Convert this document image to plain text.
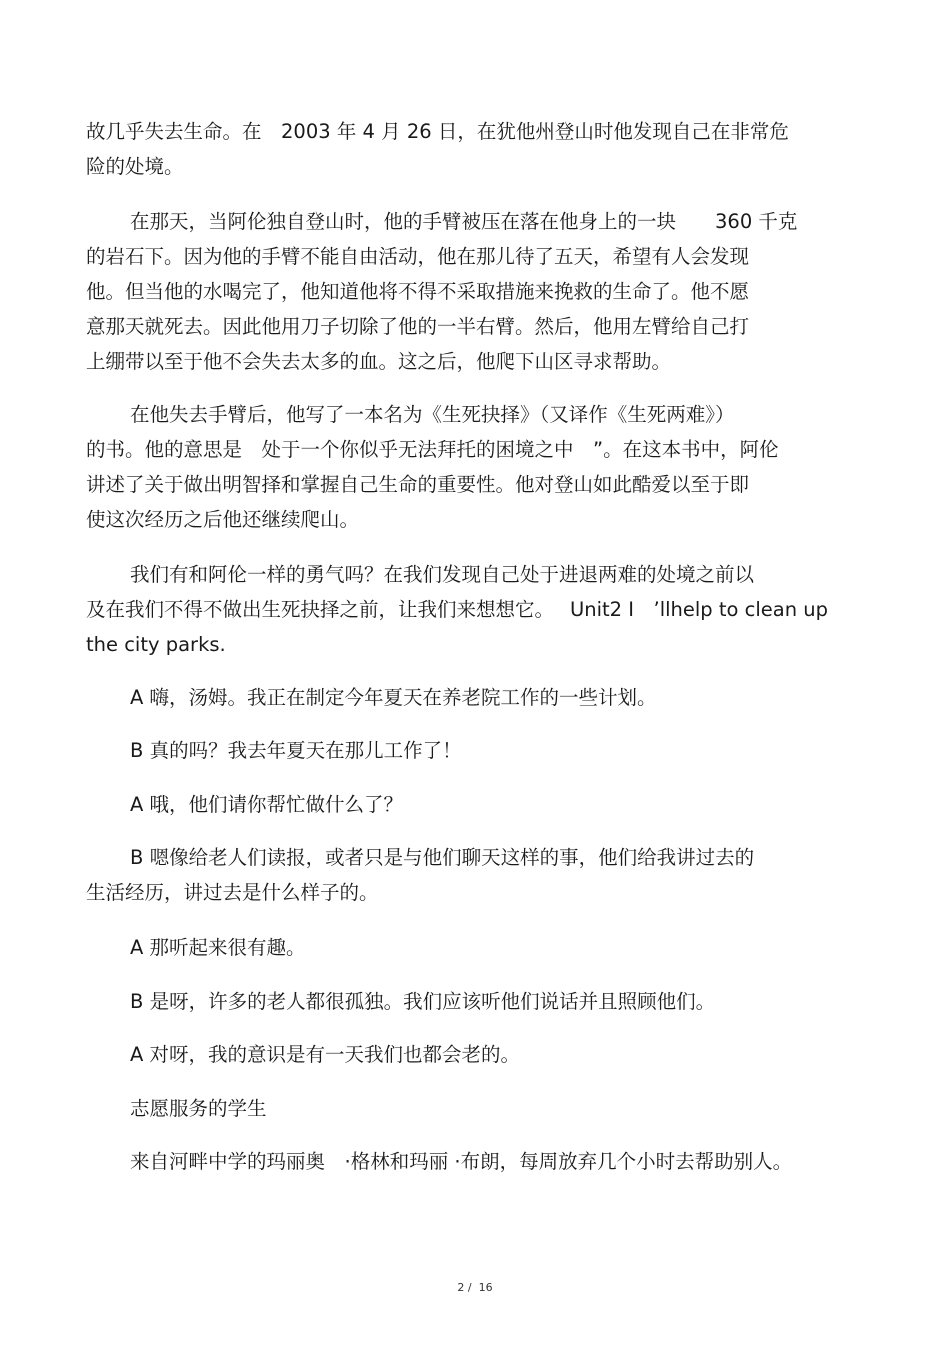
故几乎失去生命。在　2003 年 4 月 26 日，在犹他州登山时他发现自己在非常危
险的处境。
在那天，当阿伦独自登山时，他的手臂被压在落在他身上的一块　　360 千克
的岩石下。因为他的手臂不能自由活动，他在那儿待了五天，希望有人会发现
他。但当他的水喝完了，他知道他将不得不采取措施来挽救的生命了。他不愿
意那天就死去。因此他用刀子切除了他的一半右臂。然后，他用左臂给自己打
上绷带以至于他不会失去太多的血。这之后，他爬下山区寻求帮助。
在他失去手臂后，他写了一本名为《生死抉择》（又译作《生死两难》）
的书。他的意思是　处于一个你似乎无法拜托的困境之中　”。在这本书中，阿伦
讲述了关于做出明智择和掌握自己生命的重要性。他对登山如此酷爱以至于即
使这次经历之后他还继续爬山。
我们有和阿伦一样的勇气吗？在我们发现自己处于进退两难的处境之前以
及在我们不得不做出生死抉择之前，让我们来想想它。　 Unit2 I　’llhelp to clean up
the city parks.
A 嗨，汤姆。我正在制定今年夏天在养老院工作的一些计划。
B 真的吗？我去年夏天在那儿工作了！
A 哦，他们请你帮忙做什么了？
B 嗯像给老人们读报，或者只是与他们聊天这样的事，他们给我讲过去的
生活经历，讲过去是什么样子的。
A 那听起来很有趣。
B 是呀，许多的老人都很孤独。我们应该听他们说话并且照顾他们。
A 对呀，我的意识是有一天我们也都会老的。
志愿服务的学生
来自河畔中学的玛丽奥　·格林和玛丽 ·布朗，每周放弃几个小时去帮助别人。
2 / 16
